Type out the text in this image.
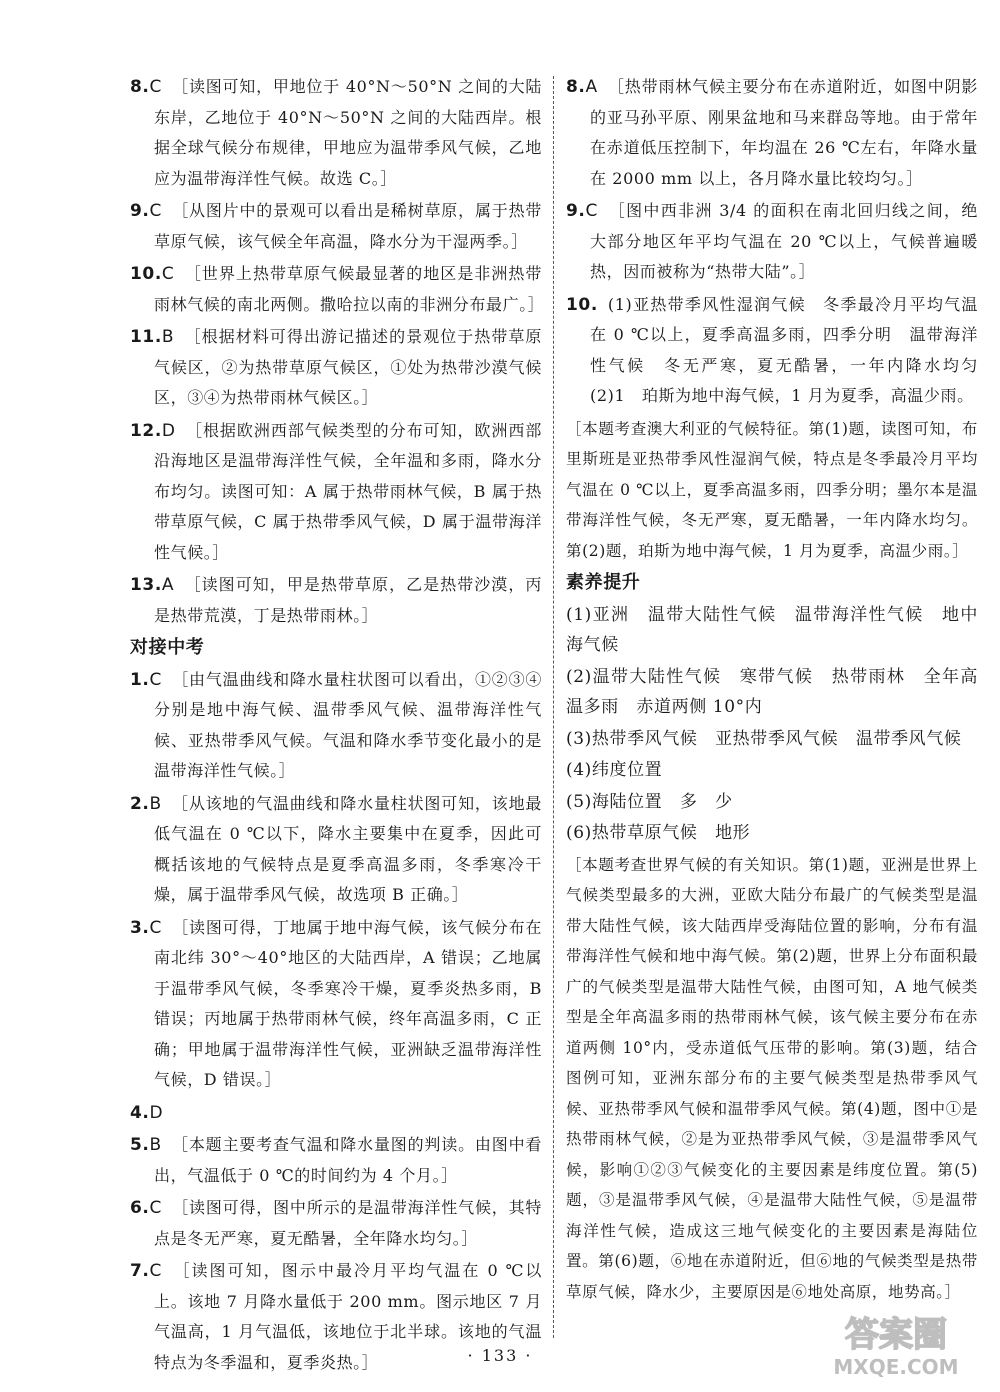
8.C ［读图可知，甲地位于 40°N～50°N 之间的大陆东岸，乙地位于 40°N～50°N 之间的大陆西岸。根据全球气候分布规律，甲地应为温带季风气候，乙地应为温带海洋性气候。故选 C。］

9.C ［从图片中的景观可以看出是稀树草原，属于热带草原气候，该气候全年高温，降水分为干湿两季。］

10.C ［世界上热带草原气候最显著的地区是非洲热带雨林气候的南北两侧。撒哈拉以南的非洲分布最广。］

11.B ［根据材料可得出游记描述的景观位于热带草原气候区，②为热带草原气候区，①处为热带沙漠气候区，③④为热带雨林气候区。］

12.D ［根据欧洲西部气候类型的分布可知，欧洲西部沿海地区是温带海洋性气候，全年温和多雨，降水分布均匀。读图可知：A 属于热带雨林气候，B 属于热带草原气候，C 属于热带季风气候，D 属于温带海洋性气候。］

13.A ［读图可知，甲是热带草原，乙是热带沙漠，丙是热带荒漠，丁是热带雨林。］

对接中考

1.C ［由气温曲线和降水量柱状图可以看出，①②③④分别是地中海气候、温带季风气候、温带海洋性气候、亚热带季风气候。气温和降水季节变化最小的是温带海洋性气候。］

2.B ［从该地的气温曲线和降水量柱状图可知，该地最低气温在 0 ℃以下，降水主要集中在夏季，因此可概括该地的气候特点是夏季高温多雨，冬季寒冷干燥，属于温带季风气候，故选项 B 正确。］

3.C ［读图可得，丁地属于地中海气候，该气候分布在南北纬 30°～40°地区的大陆西岸，A 错误；乙地属于温带季风气候，冬季寒冷干燥，夏季炎热多雨，B 错误；丙地属于热带雨林气候，终年高温多雨，C 正确；甲地属于温带海洋性气候，亚洲缺乏温带海洋性气候，D 错误。］

4.D

5.B ［本题主要考查气温和降水量图的判读。由图中看出，气温低于 0 ℃的时间约为 4 个月。］

6.C ［读图可得，图中所示的是温带海洋性气候，其特点是冬无严寒，夏无酷暑，全年降水均匀。］

7.C ［读图可知，图示中最冷月平均气温在 0 ℃以上。该地 7 月降水量低于 200 mm。图示地区 7 月气温高，1 月气温低，该地位于北半球。该地的气温特点为冬季温和，夏季炎热。］

8.A ［热带雨林气候主要分布在赤道附近，如图中阴影的亚马孙平原、刚果盆地和马来群岛等地。由于常年在赤道低压控制下，年均温在 26 ℃左右，年降水量在 2000 mm 以上，各月降水量比较均匀。］

9.C ［图中西非洲 3/4 的面积在南北回归线之间，绝大部分地区年平均气温在 20 ℃以上，气候普遍暖热，因而被称为“热带大陆”。］

10. (1)亚热带季风性湿润气候　冬季最冷月平均气温在 0 ℃以上，夏季高温多雨，四季分明　温带海洋性气候　冬无严寒，夏无酷暑，一年内降水均匀　(2)1　珀斯为地中海气候，1 月为夏季，高温少雨。

［本题考查澳大利亚的气候特征。第(1)题，读图可知，布里斯班是亚热带季风性湿润气候，特点是冬季最冷月平均气温在 0 ℃以上，夏季高温多雨，四季分明；墨尔本是温带海洋性气候，冬无严寒，夏无酷暑，一年内降水均匀。第(2)题，珀斯为地中海气候，1 月为夏季，高温少雨。］

素养提升
(1)亚洲　温带大陆性气候　温带海洋性气候　地中海气候
(2)温带大陆性气候　寒带气候　热带雨林　全年高温多雨　赤道两侧 10°内
(3)热带季风气候　亚热带季风气候　温带季风气候
(4)纬度位置
(5)海陆位置　多　少
(6)热带草原气候　地形

［本题考查世界气候的有关知识。第(1)题，亚洲是世界上气候类型最多的大洲，亚欧大陆分布最广的气候类型是温带大陆性气候，该大陆西岸受海陆位置的影响，分布有温带海洋性气候和地中海气候。第(2)题，世界上分布面积最广的气候类型是温带大陆性气候，由图可知，A 地气候类型是全年高温多雨的热带雨林气候，该气候主要分布在赤道两侧 10°内，受赤道低气压带的影响。第(3)题，结合图例可知，亚洲东部分布的主要气候类型是热带季风气候、亚热带季风气候和温带季风气候。第(4)题，图中①是热带雨林气候，②是为亚热带季风气候，③是温带季风气候，影响①②③气候变化的主要因素是纬度位置。第(5)题，③是温带季风气候，④是温带大陆性气候，⑤是温带海洋性气候，造成这三地气候变化的主要因素是海陆位置。第(6)题，⑥地在赤道附近，但⑥地的气候类型是热带草原气候，降水少，主要原因是⑥地处高原，地势高。］

· 133 ·
答案圈
MXQE.COM
